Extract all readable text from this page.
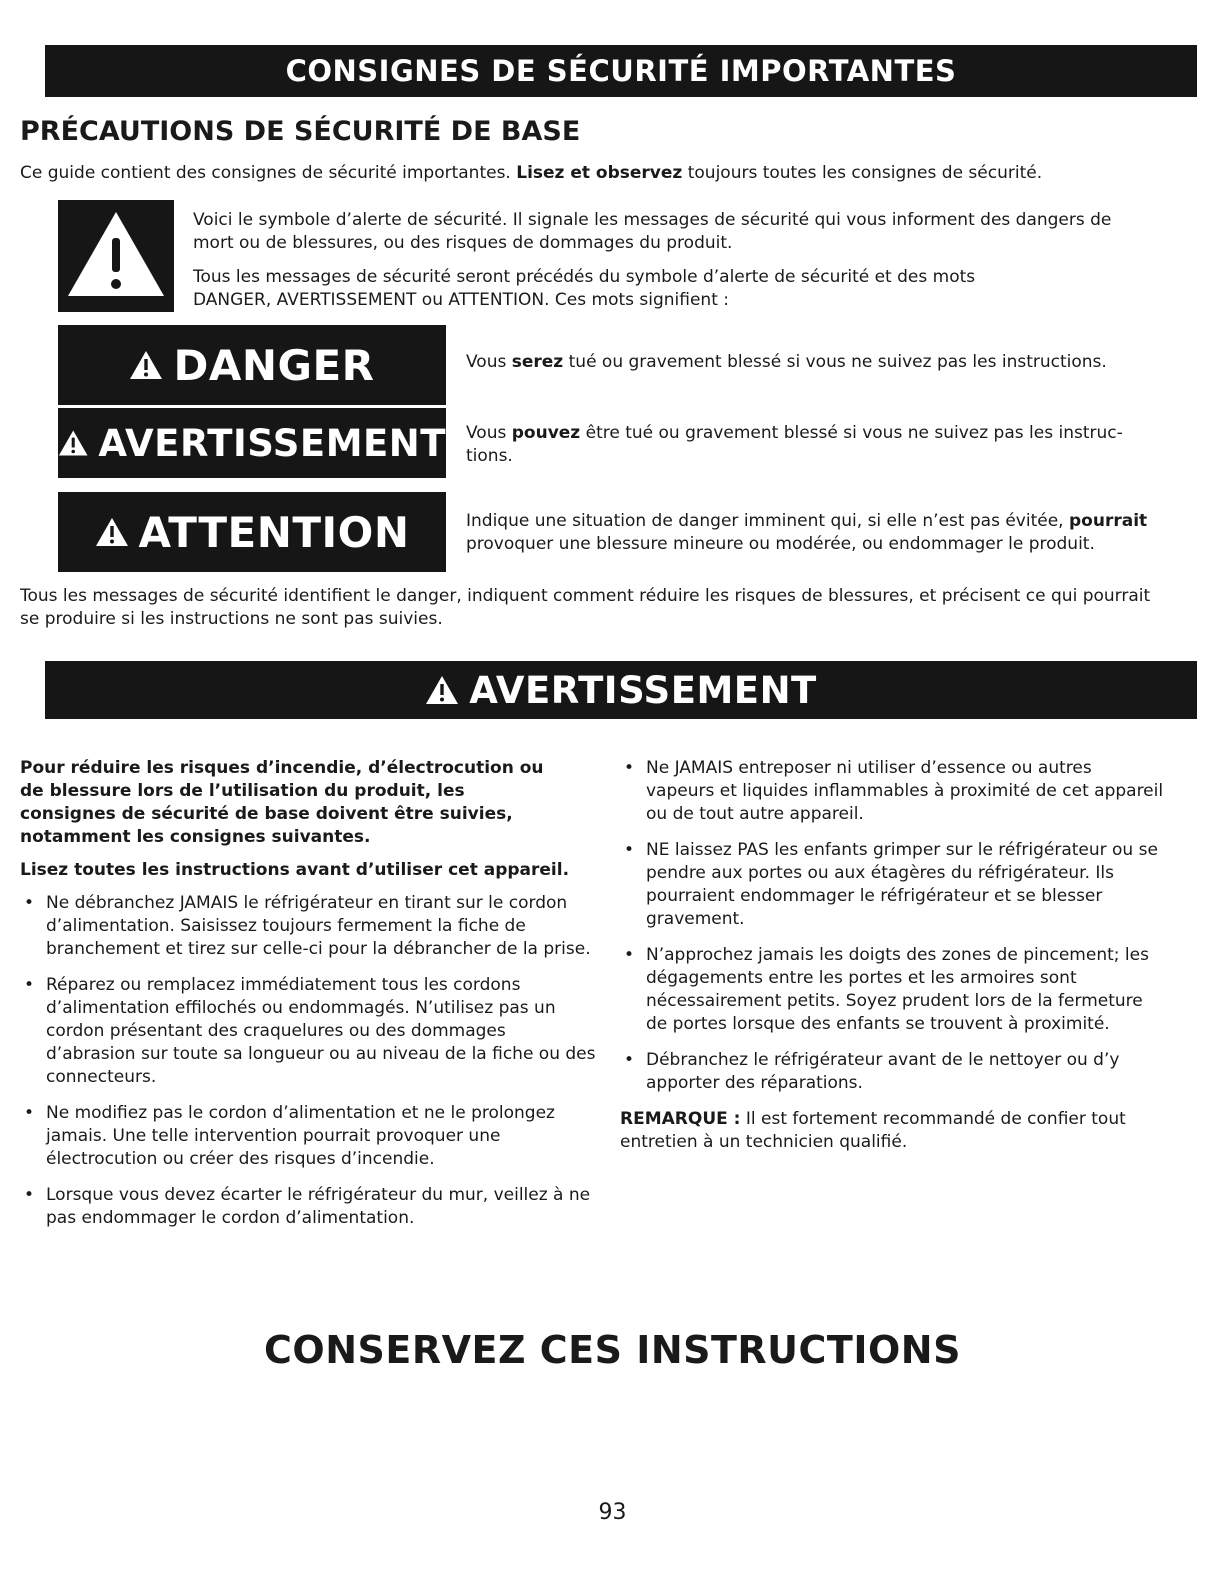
CONSIGNES DE SÉCURITÉ IMPORTANTES
PRÉCAUTIONS DE SÉCURITÉ DE BASE
Ce guide contient des consignes de sécurité importantes. Lisez et observez toujours toutes les consignes de sécurité.
Voici le symbole d’alerte de sécurité. Il signale les messages de sécurité qui vous informent des dangers de mort ou de blessures, ou des risques de dommages du produit.
Tous les messages de sécurité seront précédés du symbole d’alerte de sécurité et des mots DANGER, AVERTISSEMENT ou ATTENTION. Ces mots signifient :
DANGER	Vous serez tué ou gravement blessé si vous ne suivez pas les instructions.
AVERTISSEMENT Vous pouvez être tué ou gravement blessé si vous ne suivez pas les instruc-tions.
ATTENTION	Indique une situation de danger imminent qui, si elle n’est pas évitée, pourrait provoquer une blessure mineure ou modérée, ou endommager le produit.
Tous les messages de sécurité identifient le danger, indiquent comment réduire les risques de blessures, et précisent ce qui pourrait se produire si les instructions ne sont pas suivies.
AVERTISSEMENT
Pour réduire les risques d’incendie, d’électrocution ou de blessure lors de l’utilisation du produit, les consignes de sécurité de base doivent être suivies, notamment les consignes suivantes.
Lisez toutes les instructions avant d’utiliser cet appareil.
• Ne débranchez JAMAIS le réfrigérateur en tirant sur le cordon d’alimentation. Saisissez toujours fermement la fiche de branchement et tirez sur celle-ci pour la débrancher de la prise.
• Réparez ou remplacez immédiatement tous les cordons d’alimentation effilochés ou endommagés. N’utilisez pas un cordon présentant des craquelures ou des dommages d’abrasion sur toute sa longueur ou au niveau de la fiche ou des connecteurs.
• Ne modifiez pas le cordon d’alimentation et ne le prolongez jamais. Une telle intervention pourrait provoquer une électrocution ou créer des risques d’incendie.
• Lorsque vous devez écarter le réfrigérateur du mur, veillez à ne pas endommager le cordon d’alimentation.
• Ne JAMAIS entreposer ni utiliser d’essence ou autres vapeurs et liquides inflammables à proximité de cet appareil ou de tout autre appareil.
• NE laissez PAS les enfants grimper sur le réfrigérateur ou se pendre aux portes ou aux étagères du réfrigérateur. Ils pourraient endommager le réfrigérateur et se blesser gravement.
• N’approchez jamais les doigts des zones de pincement; les dégagements entre les portes et les armoires sont nécessairement petits. Soyez prudent lors de la fermeture de portes lorsque des enfants se trouvent à proximité.
• Débranchez le réfrigérateur avant de le nettoyer ou d’y apporter des réparations.
REMARQUE : Il est fortement recommandé de confier tout entretien à un technicien qualifié.
CONSERVEZ CES INSTRUCTIONS
93
